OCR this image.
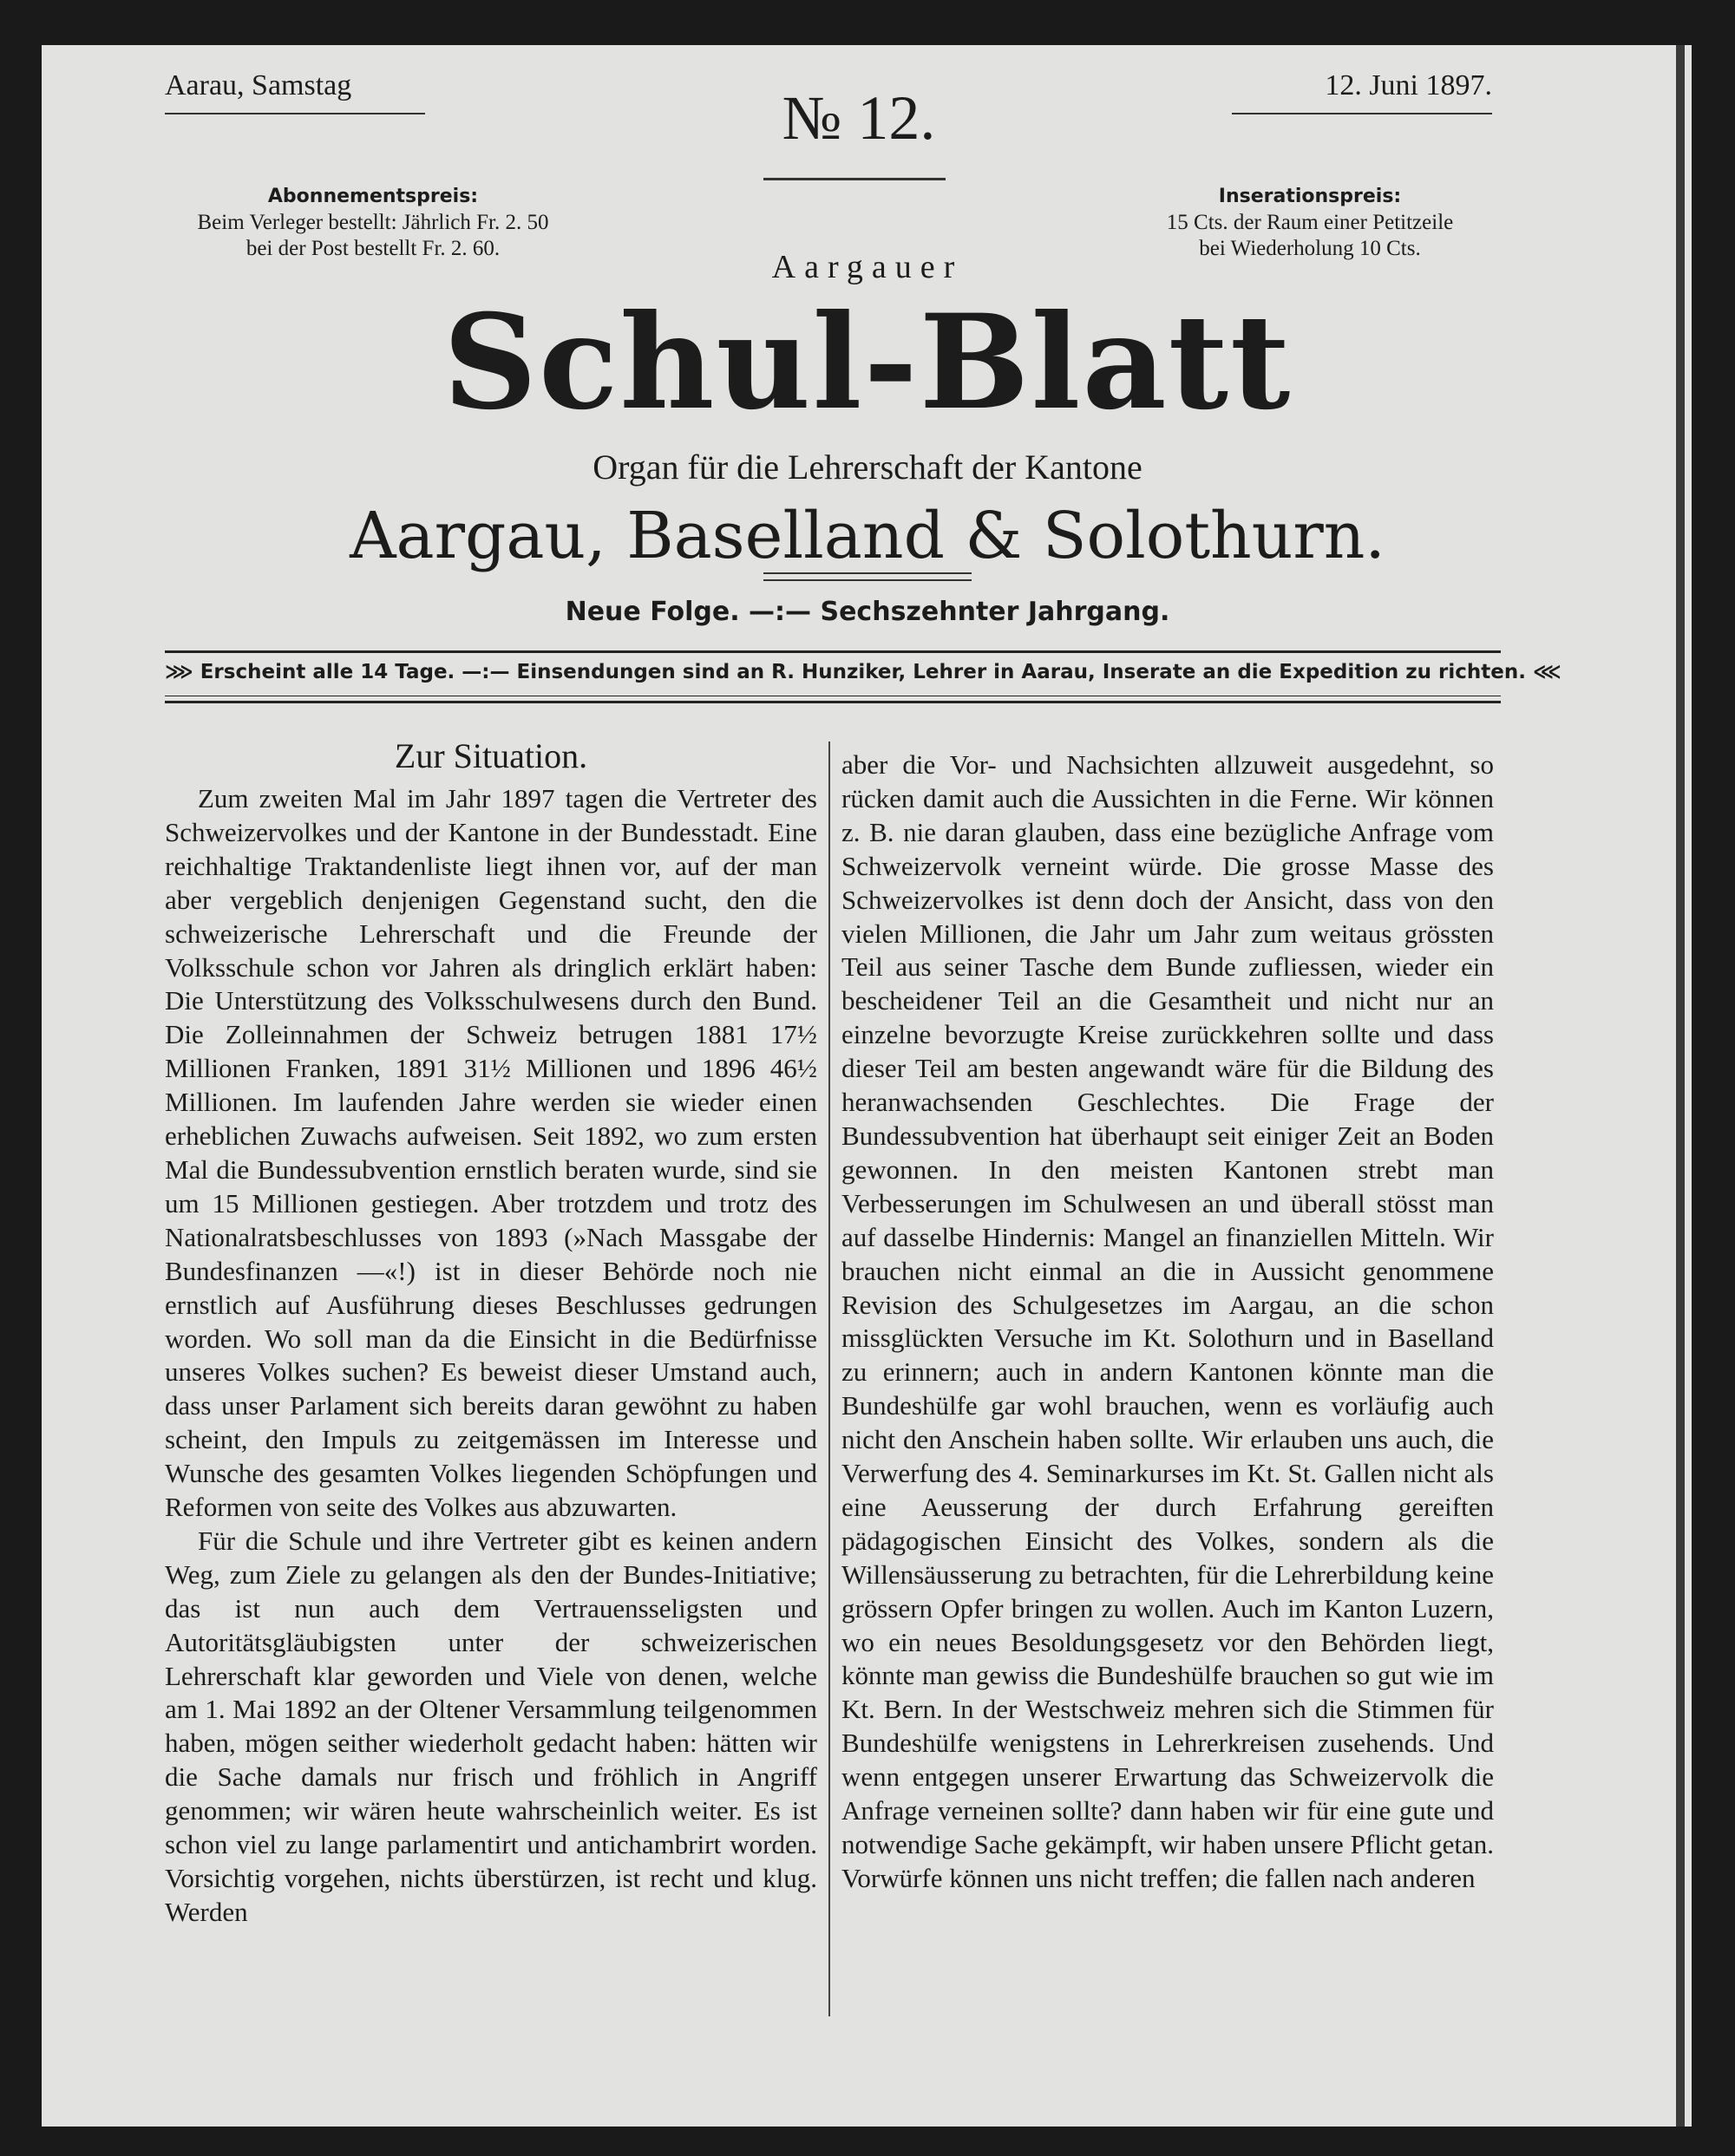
Aarau, Samstag	№ 12.	12. Juni 1897.
Abonnementspreis:
Beim Verleger bestellt: Jährlich Fr. 2. 50
bei der Post bestellt Fr. 2. 60.
Inserationspreis:
15 Cts. der Raum einer Petitzeile
bei Wiederholung 10 Cts.
Aargauer
Schul-Blatt
Organ für die Lehrerschaft der Kantone
Aargau, Baselland & Solothurn.
Neue Folge. —:— Sechszehnter Jahrgang.
⋙ Erscheint alle 14 Tage. —:— Einsendungen sind an R. Hunziker, Lehrer in Aarau, Inserate an die Expedition zu richten. ⋘
Zur Situation.

Zum zweiten Mal im Jahr 1897 tagen die Vertreter des Schweizervolkes und der Kantone in der Bundesstadt. Eine reichhaltige Traktandenliste liegt ihnen vor, auf der man aber vergeblich denjenigen Gegenstand sucht, den die schweizerische Lehrerschaft und die Freunde der Volksschule schon vor Jahren als dringlich erklärt haben: Die Unterstützung des Volksschulwesens durch den Bund. Die Zolleinnahmen der Schweiz betrugen 1881 17½ Millionen Franken, 1891 31½ Millionen und 1896 46½ Millionen. Im laufenden Jahre werden sie wieder einen erheblichen Zuwachs aufweisen. Seit 1892, wo zum ersten Mal die Bundessubvention ernstlich beraten wurde, sind sie um 15 Millionen gestiegen. Aber trotzdem und trotz des Nationalratsbeschlusses von 1893 (»Nach Massgabe der Bundesfinanzen —«!) ist in dieser Behörde noch nie ernstlich auf Ausführung dieses Beschlusses gedrungen worden. Wo soll man da die Einsicht in die Bedürfnisse unseres Volkes suchen? Es beweist dieser Umstand auch, dass unser Parlament sich bereits daran gewöhnt zu haben scheint, den Impuls zu zeitgemässen im Interesse und Wunsche des gesamten Volkes liegenden Schöpfungen und Reformen von seite des Volkes aus abzuwarten.

Für die Schule und ihre Vertreter gibt es keinen andern Weg, zum Ziele zu gelangen als den der Bundes-Initiative; das ist nun auch dem Vertrauensseligsten und Autoritätsgläubigsten unter der schweizerischen Lehrerschaft klar geworden und Viele von denen, welche am 1. Mai 1892 an der Oltener Versammlung teilgenommen haben, mögen seither wiederholt gedacht haben: hätten wir die Sache damals nur frisch und fröhlich in Angriff genommen; wir wären heute wahrscheinlich weiter. Es ist schon viel zu lange parlamentirt und antichambrirt worden. Vorsichtig vorgehen, nichts überstürzen, ist recht und klug. Werden

aber die Vor- und Nachsichten allzuweit ausgedehnt, so rücken damit auch die Aussichten in die Ferne. Wir können z. B. nie daran glauben, dass eine bezügliche Anfrage vom Schweizervolk verneint würde. Die grosse Masse des Schweizervolkes ist denn doch der Ansicht, dass von den vielen Millionen, die Jahr um Jahr zum weitaus grössten Teil aus seiner Tasche dem Bunde zufliessen, wieder ein bescheidener Teil an die Gesamtheit und nicht nur an einzelne bevorzugte Kreise zurückkehren sollte und dass dieser Teil am besten angewandt wäre für die Bildung des heranwachsenden Geschlechtes. Die Frage der Bundessubvention hat überhaupt seit einiger Zeit an Boden gewonnen. In den meisten Kantonen strebt man Verbesserungen im Schulwesen an und überall stösst man auf dasselbe Hindernis: Mangel an finanziellen Mitteln. Wir brauchen nicht einmal an die in Aussicht genommene Revision des Schulgesetzes im Aargau, an die schon missglückten Versuche im Kt. Solothurn und in Baselland zu erinnern; auch in andern Kantonen könnte man die Bundeshülfe gar wohl brauchen, wenn es vorläufig auch nicht den Anschein haben sollte. Wir erlauben uns auch, die Verwerfung des 4. Seminarkurses im Kt. St. Gallen nicht als eine Aeusserung der durch Erfahrung gereiften pädagogischen Einsicht des Volkes, sondern als die Willensäusserung zu betrachten, für die Lehrerbildung keine grössern Opfer bringen zu wollen. Auch im Kanton Luzern, wo ein neues Besoldungsgesetz vor den Behörden liegt, könnte man gewiss die Bundeshülfe brauchen so gut wie im Kt. Bern. In der Westschweiz mehren sich die Stimmen für Bundeshülfe wenigstens in Lehrerkreisen zusehends. Und wenn entgegen unserer Erwartung das Schweizervolk die Anfrage verneinen sollte? dann haben wir für eine gute und notwendige Sache gekämpft, wir haben unsere Pflicht getan. Vorwürfe können uns nicht treffen; die fallen nach anderen
